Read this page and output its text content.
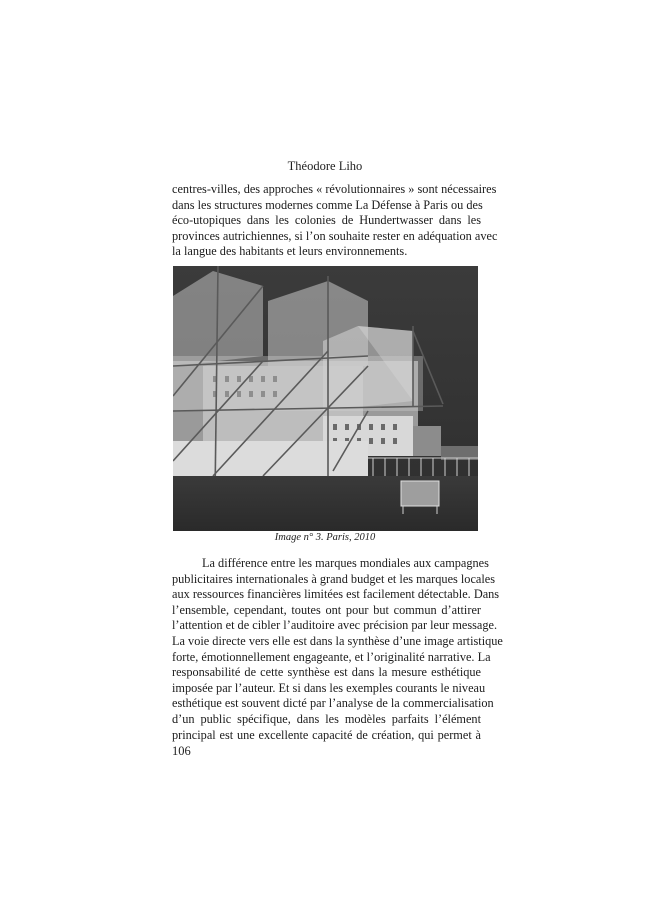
Théodore Liho
centres-villes, des approches « révolutionnaires » sont nécessaires
dans les structures modernes comme La Défense à Paris ou des
éco-utopiques dans les colonies de Hundertwasser dans les
provinces autrichiennes, si l’on souhaite rester en adéquation avec
la langue des habitants et leurs environnements.
Image n° 3. Paris, 2010
La différence entre les marques mondiales aux campagnes
publicitaires internationales à grand budget et les marques locales
aux ressources financières limitées est facilement détectable. Dans
l’ensemble, cependant, toutes ont pour but commun d’attirer
l’attention et de cibler l’auditoire avec précision par leur message.
La voie directe vers elle est dans la synthèse d’une image artistique
forte, émotionnellement engageante, et l’originalité narrative. La
responsabilité de cette synthèse est dans la mesure esthétique
imposée par l’auteur. Et si dans les exemples courants le niveau
esthétique est souvent dicté par l’analyse de la commercialisation
d’un public spécifique, dans les modèles parfaits l’élément
principal est une excellente capacité de création, qui permet à
106
